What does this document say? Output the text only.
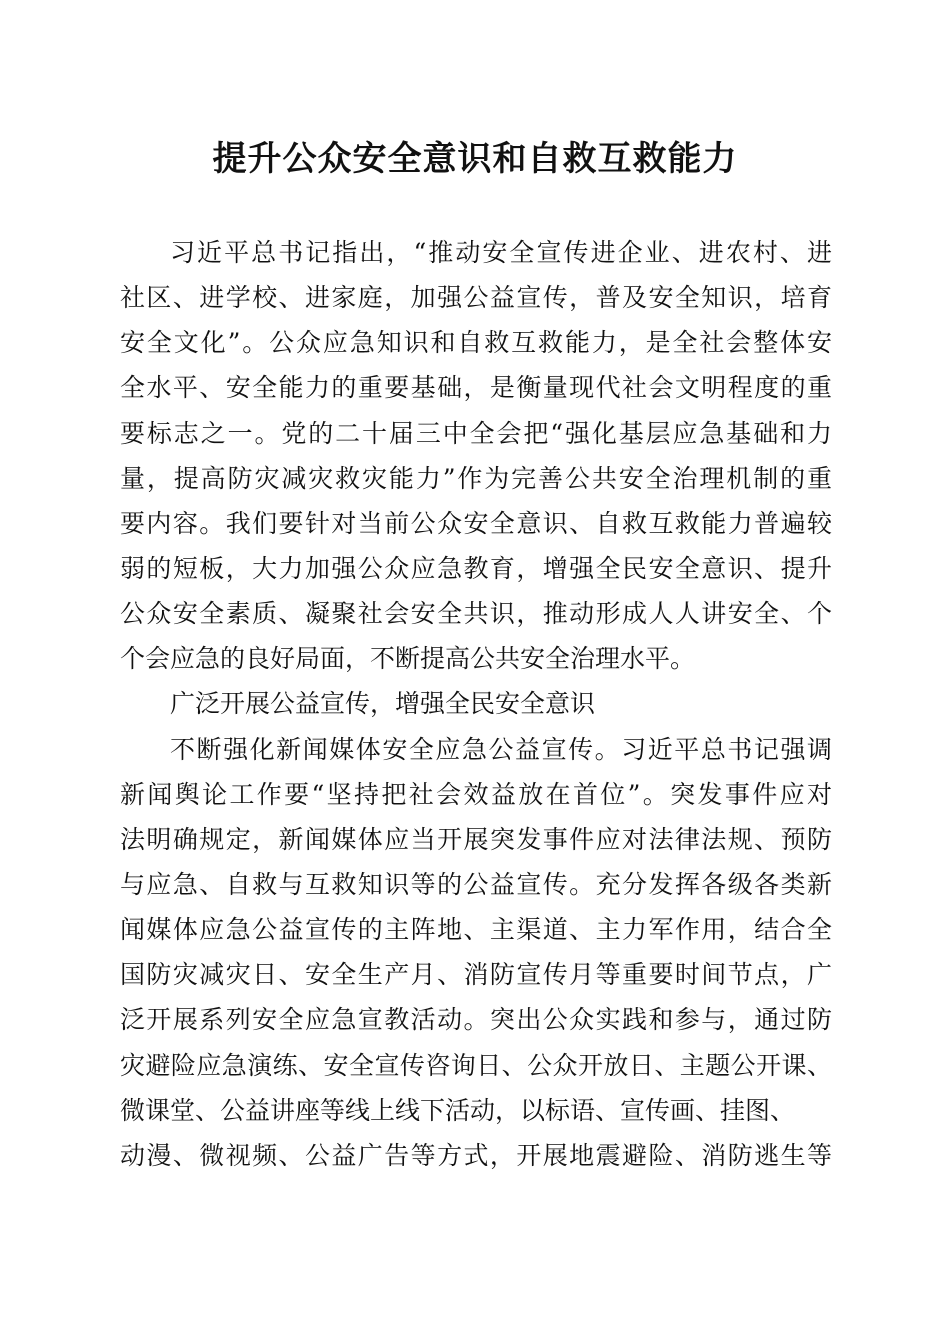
提升公众安全意识和自救互救能力
习近平总书记指出，“推动安全宣传进企业、进农村、进
社区、进学校、进家庭，加强公益宣传，普及安全知识，培育
安全文化”。公众应急知识和自救互救能力，是全社会整体安
全水平、安全能力的重要基础，是衡量现代社会文明程度的重
要标志之一。党的二十届三中全会把“强化基层应急基础和力
量，提高防灾减灾救灾能力”作为完善公共安全治理机制的重
要内容。我们要针对当前公众安全意识、自救互救能力普遍较
弱的短板，大力加强公众应急教育，增强全民安全意识、提升
公众安全素质、凝聚社会安全共识，推动形成人人讲安全、个
个会应急的良好局面，不断提高公共安全治理水平。
广泛开展公益宣传，增强全民安全意识
不断强化新闻媒体安全应急公益宣传。习近平总书记强调
新闻舆论工作要“坚持把社会效益放在首位”。突发事件应对
法明确规定，新闻媒体应当开展突发事件应对法律法规、预防
与应急、自救与互救知识等的公益宣传。充分发挥各级各类新
闻媒体应急公益宣传的主阵地、主渠道、主力军作用，结合全
国防灾减灾日、安全生产月、消防宣传月等重要时间节点，广
泛开展系列安全应急宣教活动。突出公众实践和参与，通过防
灾避险应急演练、安全宣传咨询日、公众开放日、主题公开课、
微课堂、公益讲座等线上线下活动，以标语、宣传画、挂图、
动漫、微视频、公益广告等方式，开展地震避险、消防逃生等
